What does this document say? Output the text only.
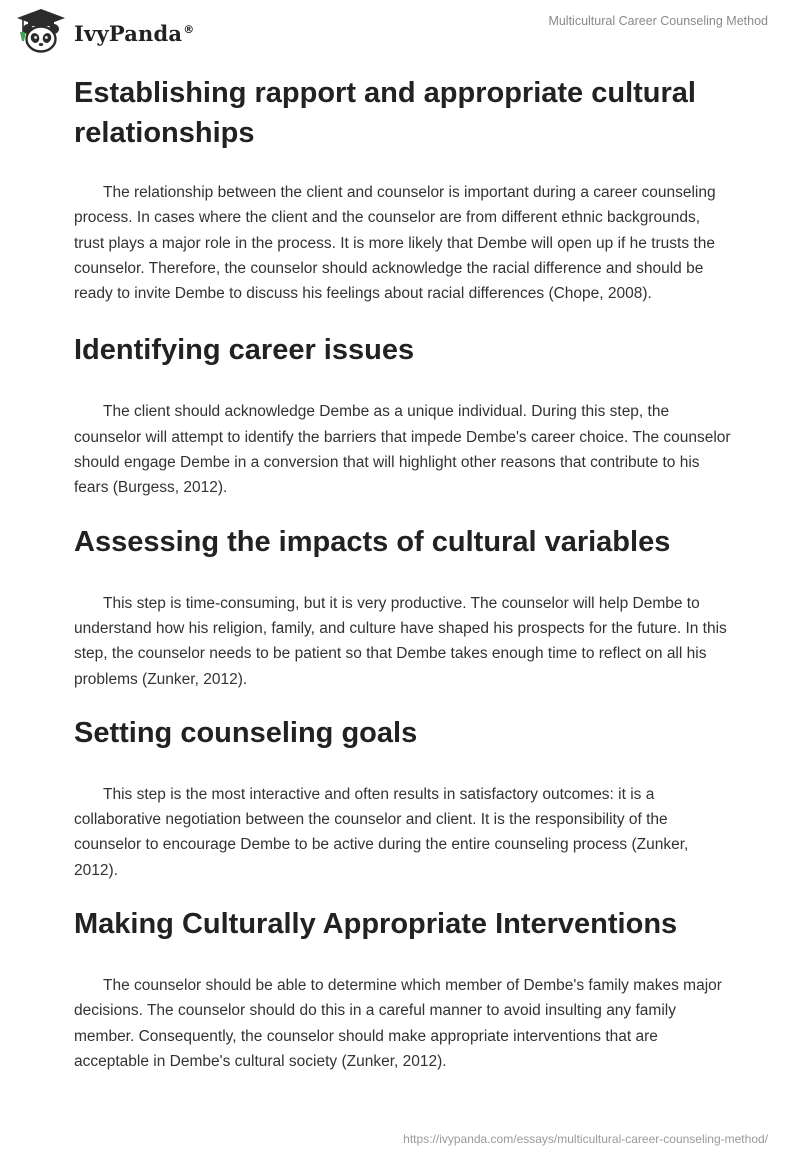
IvyPanda®
Multicultural Career Counseling Method
Establishing rapport and appropriate cultural relationships

The relationship between the client and counselor is important during a career counseling process. In cases where the client and the counselor are from different ethnic backgrounds, trust plays a major role in the process. It is more likely that Dembe will open up if he trusts the counselor. Therefore, the counselor should acknowledge the racial difference and should be ready to invite Dembe to discuss his feelings about racial differences (Chope, 2008).

Identifying career issues

The client should acknowledge Dembe as a unique individual. During this step, the counselor will attempt to identify the barriers that impede Dembe's career choice. The counselor should engage Dembe in a conversion that will highlight other reasons that contribute to his fears (Burgess, 2012).

Assessing the impacts of cultural variables

This step is time-consuming, but it is very productive. The counselor will help Dembe to understand how his religion, family, and culture have shaped his prospects for the future. In this step, the counselor needs to be patient so that Dembe takes enough time to reflect on all his problems (Zunker, 2012).

Setting counseling goals

This step is the most interactive and often results in satisfactory outcomes: it is a collaborative negotiation between the counselor and client. It is the responsibility of the counselor to encourage Dembe to be active during the entire counseling process (Zunker, 2012).

Making Culturally Appropriate Interventions

The counselor should be able to determine which member of Dembe's family makes major decisions. The counselor should do this in a careful manner to avoid insulting any family member. Consequently, the counselor should make appropriate interventions that are acceptable in Dembe's cultural society (Zunker, 2012).

https://ivypanda.com/essays/multicultural-career-counseling-method/
